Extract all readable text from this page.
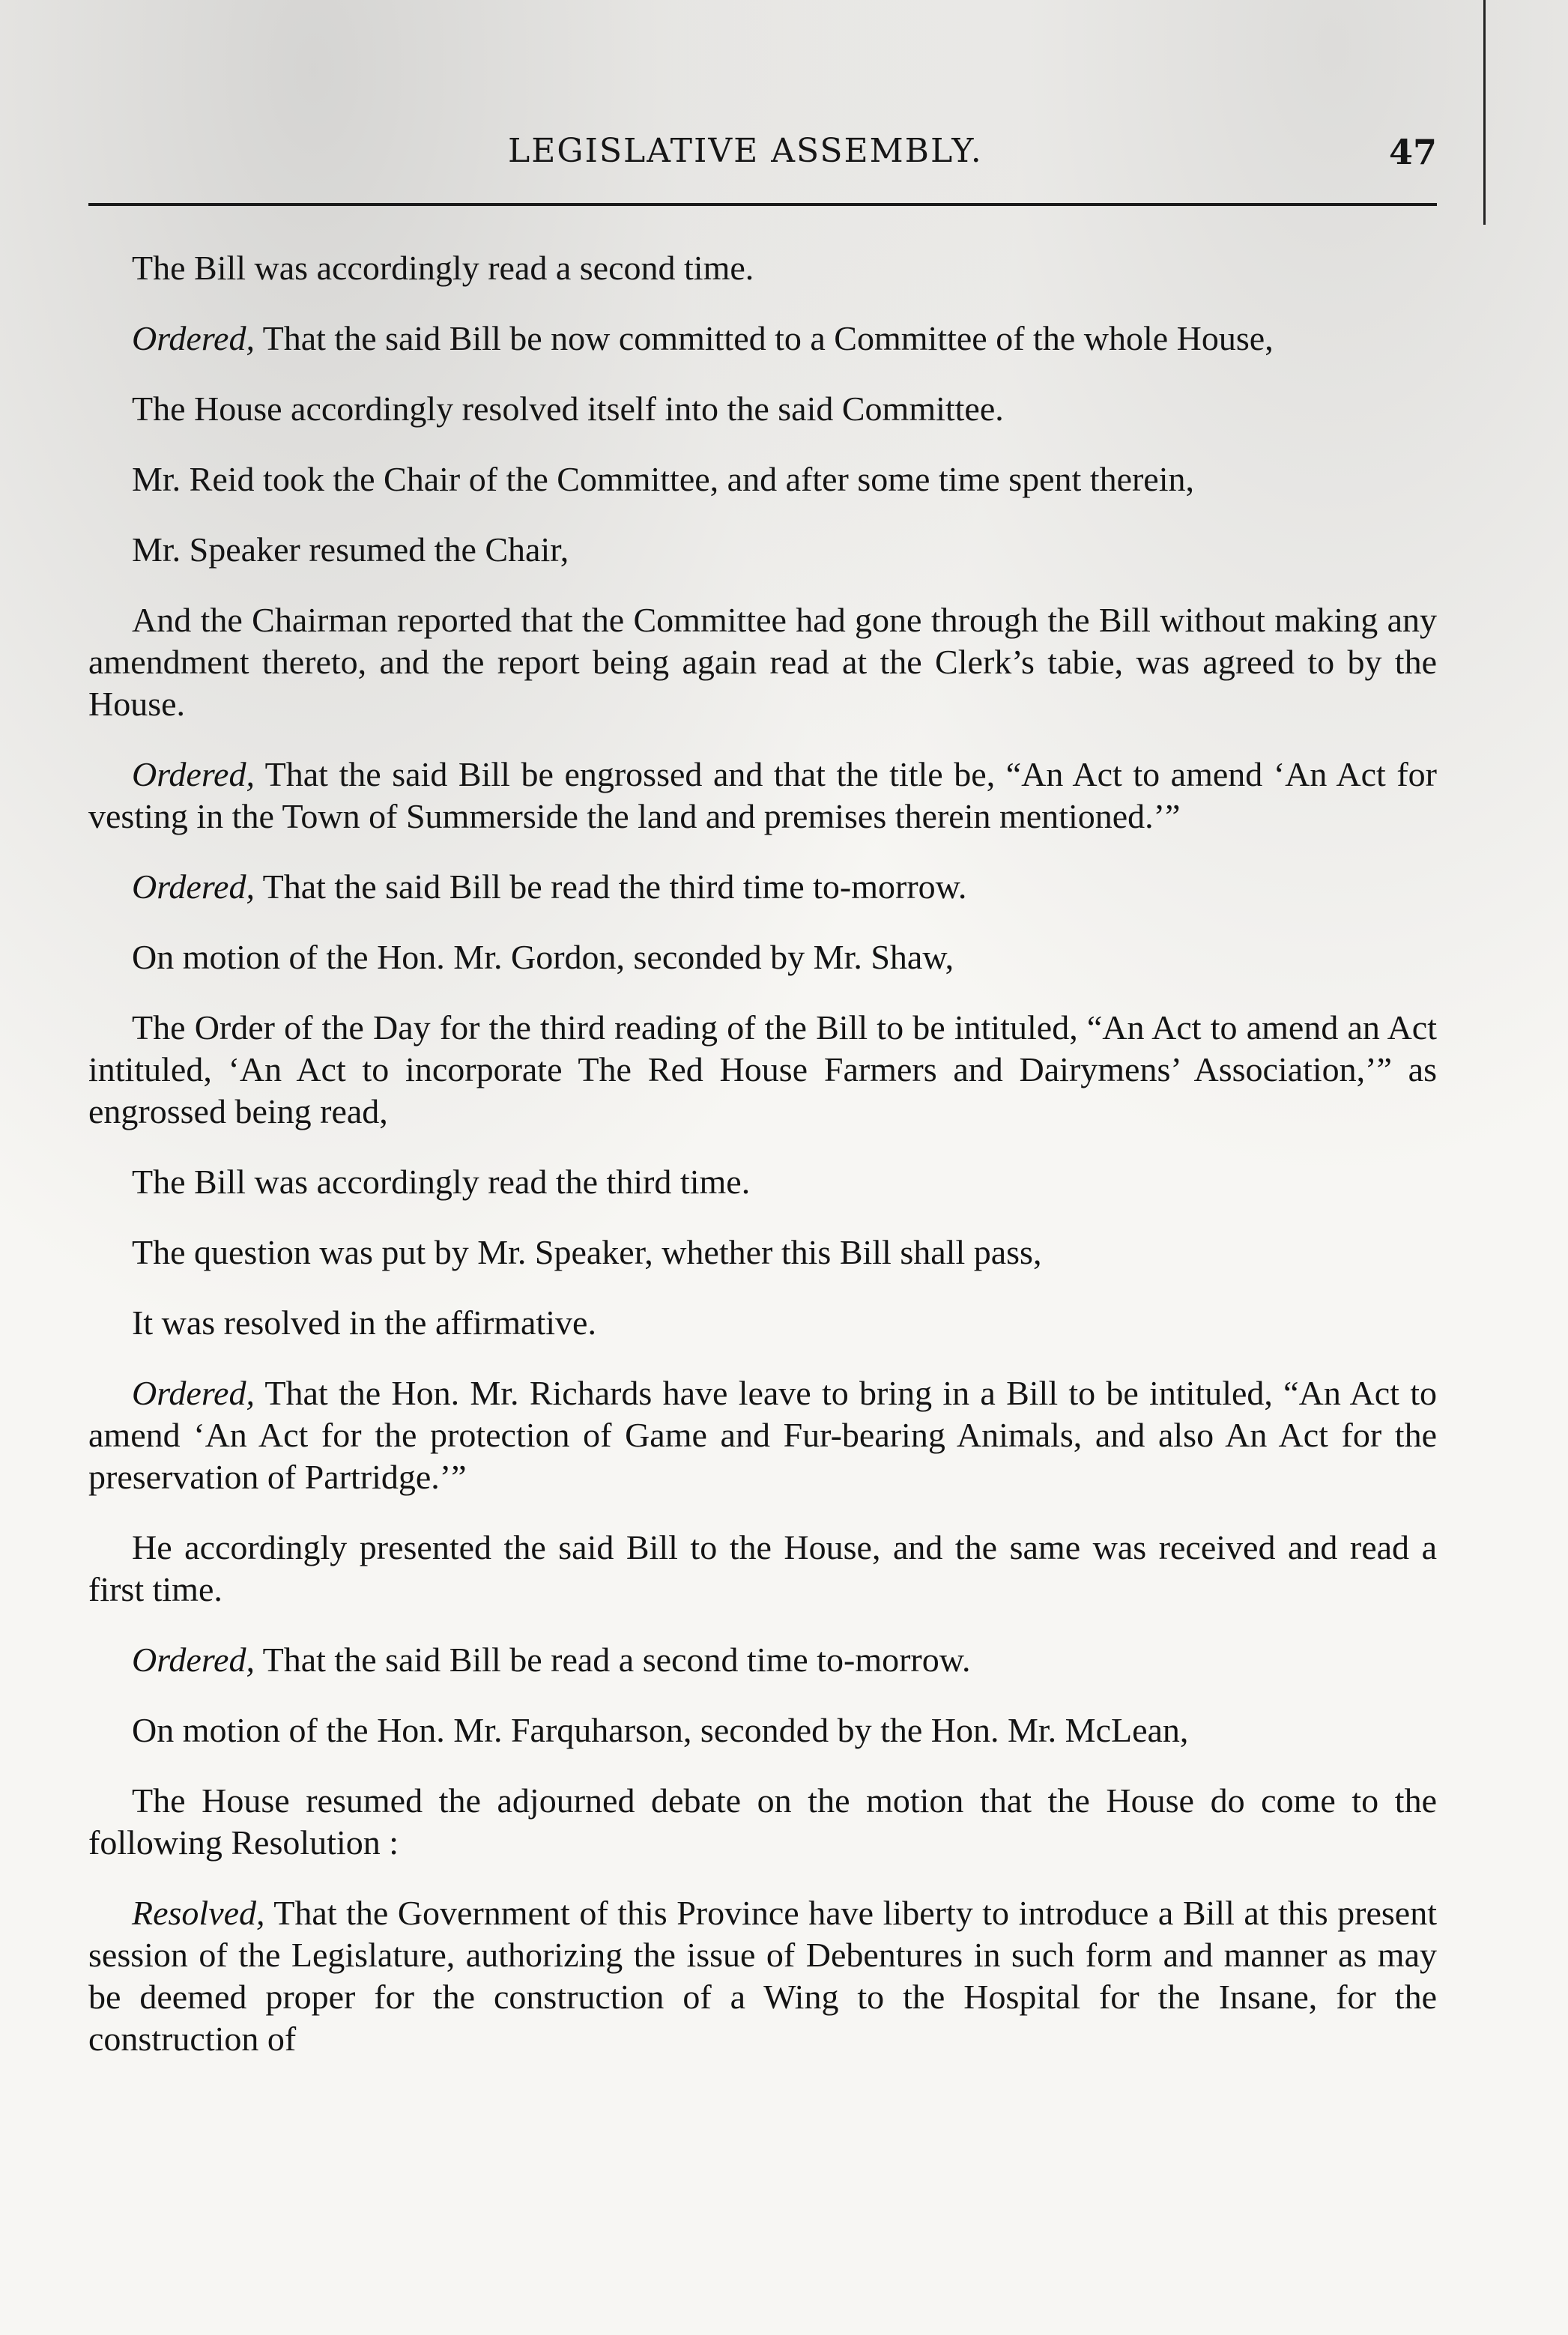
LEGISLATIVE ASSEMBLY.	47

The Bill was accordingly read a second time.

Ordered, That the said Bill be now committed to a Committee of the whole House,

The House accordingly resolved itself into the said Committee.

Mr. Reid took the Chair of the Committee, and after some time spent therein,

Mr. Speaker resumed the Chair,

And the Chairman reported that the Committee had gone through the Bill without making any amendment thereto, and the report being again read at the Clerk’s tabie, was agreed to by the House.

Ordered, That the said Bill be engrossed and that the title be, “An Act to amend ‘An Act for vesting in the Town of Summerside the land and premises therein mentioned.’”

Ordered, That the said Bill be read the third time to-morrow.

On motion of the Hon. Mr. Gordon, seconded by Mr. Shaw,

The Order of the Day for the third reading of the Bill to be intituled, “An Act to amend an Act intituled, ‘An Act to incorporate The Red House Farmers and Dairymens’ Association,’” as engrossed being read,

The Bill was accordingly read the third time.

The question was put by Mr. Speaker, whether this Bill shall pass,

It was resolved in the affirmative.

Ordered, That the Hon. Mr. Richards have leave to bring in a Bill to be intituled, “An Act to amend ‘An Act for the protection of Game and Fur-bearing Animals, and also An Act for the preservation of Partridge.’”

He accordingly presented the said Bill to the House, and the same was received and read a first time.

Ordered, That the said Bill be read a second time to-morrow.

On motion of the Hon. Mr. Farquharson, seconded by the Hon. Mr. McLean,

The House resumed the adjourned debate on the motion that the House do come to the following Resolution :

Resolved, That the Government of this Province have liberty to introduce a Bill at this present session of the Legislature, authorizing the issue of Debentures in such form and manner as may be deemed proper for the construction of a Wing to the Hospital for the Insane, for the construction of
